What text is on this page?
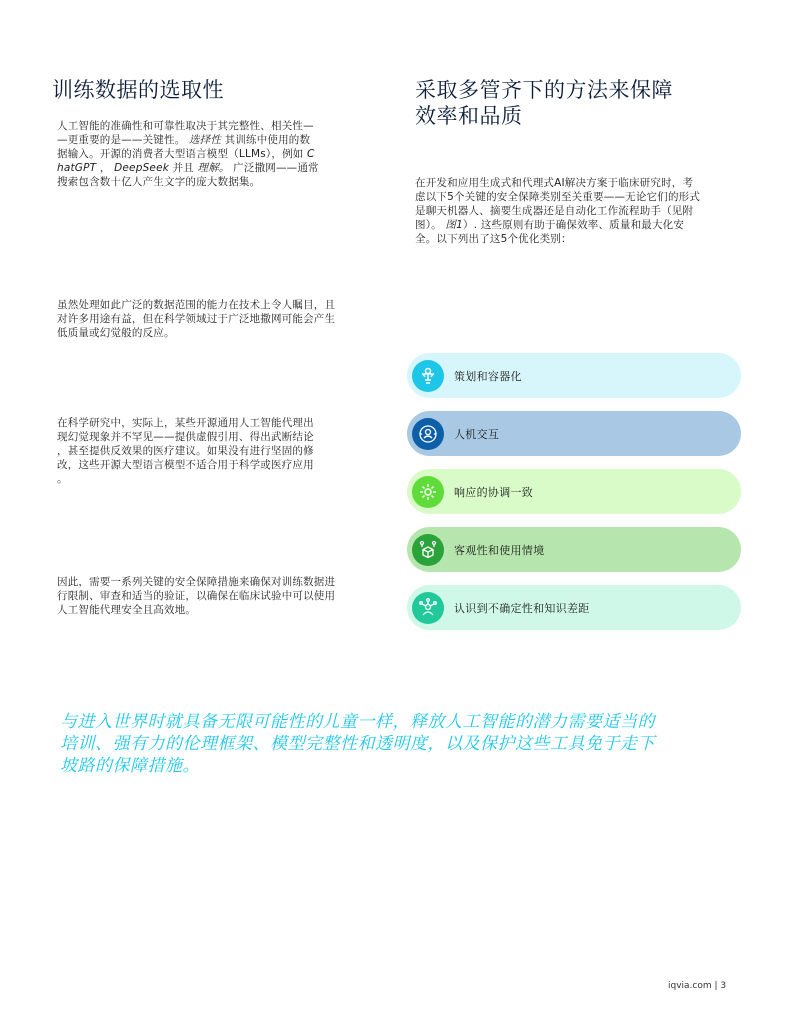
训练数据的选取性
人工智能的准确性和可靠性取决于其完整性、相关性—
—更重要的是——关键性。 选择性 其训练中使用的数
据输入。开源的消费者大型语言模型（LLMs），例如 C
hatGPT ， DeepSeek 并且 理解。 广泛撒网——通常
搜索包含数十亿人产生文字的庞大数据集。
虽然处理如此广泛的数据范围的能力在技术上令人瞩目，且
对许多用途有益，但在科学领域过于广泛地撒网可能会产生
低质量或幻觉般的反应。
在科学研究中，实际上，某些开源通用人工智能代理出
现幻觉现象并不罕见——提供虚假引用、得出武断结论
，甚至提供反效果的医疗建议。如果没有进行坚固的修
改，这些开源大型语言模型不适合用于科学或医疗应用
。
因此，需要一系列关键的安全保障措施来确保对训练数据进
行限制、审查和适当的验证，以确保在临床试验中可以使用
人工智能代理安全且高效地。
采取多管齐下的方法来保障
效率和品质
在开发和应用生成式和代理式AI解决方案于临床研究时，考
虑以下5个关键的安全保障类别至关重要——无论它们的形式
是聊天机器人、摘要生成器还是自动化工作流程助手（见附
图）。 图1）. 这些原则有助于确保效率、质量和最大化安
全。以下列出了这5个优化类别：
策划和容器化
人机交互
响应的协调一致
客观性和使用情境
认识到不确定性和知识差距
与进入世界时就具备无限可能性的儿童一样，释放人工智能的潜力需要适当的
培训、强有力的伦理框架、模型完整性和透明度，以及保护这些工具免于走下
坡路的保障措施。
iqvia.com | 3
